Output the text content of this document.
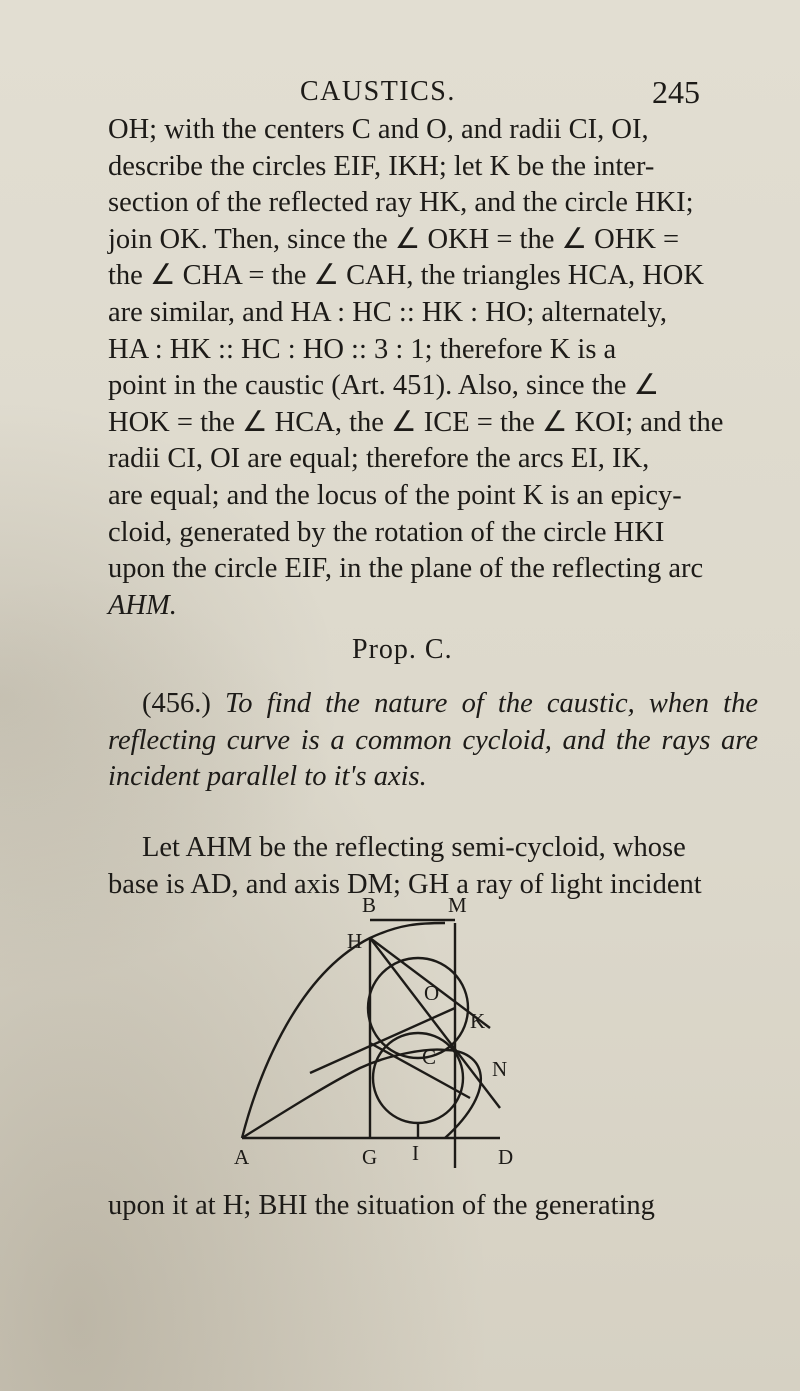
CAUSTICS.	245

OH; with the centers C and O, and radii CI, OI,

describe the circles EIF, IKH; let K be the inter-

section of the reflected ray HK, and the circle HKI;

join OK. Then, since the ∠ OKH = the ∠ OHK =

the ∠ CHA = the ∠ CAH, the triangles HCA, HOK

are similar, and HA : HC :: HK : HO; alternately,

HA : HK :: HC : HO :: 3 : 1; therefore K is a

point in the caustic (Art. 451). Also, since the ∠

HOK = the ∠ HCA, the ∠ ICE = the ∠ KOI; and the

radii CI, OI are equal; therefore the arcs EI, IK,

are equal; and the locus of the point K is an epicy-

cloid, generated by the rotation of the circle HKI

upon the circle EIF, in the plane of the reflecting arc

AHM.

Prop. C.
(456.) To find the nature of the caustic, when the reflecting curve is a common cycloid, and the rays are incident parallel to it's axis.

Let AHM be the reflecting semi-cycloid, whose

base is AD, and axis DM; GH a ray of light incident

B	M
H
O
K
C	N
A	G I	D
upon it at H; BHI the situation of the generating
